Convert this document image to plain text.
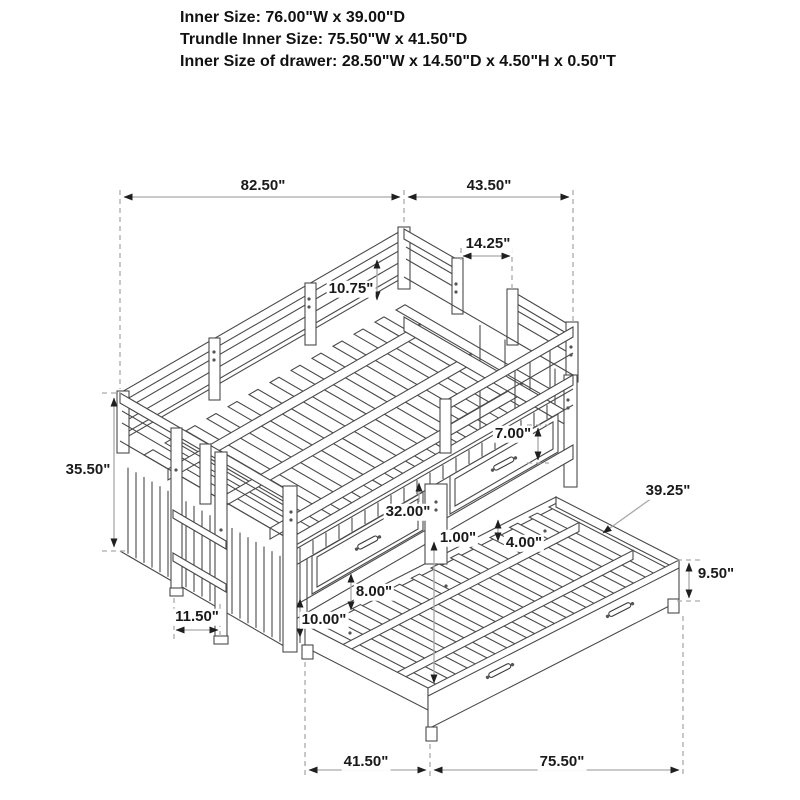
Inner Size: 76.00"W x 39.00"D
Trundle Inner Size: 75.50"W x 41.50"D
Inner Size of drawer: 28.50"W x 14.50"D x 4.50"H x 0.50"T
82.50"	43.50"
14.25"
10.75"
35.50"
11.50"
7.00"
32.00"
1.00" 4.00"
8.00"
10.00"
39.25"
9.50"
41.50"	75.50"
